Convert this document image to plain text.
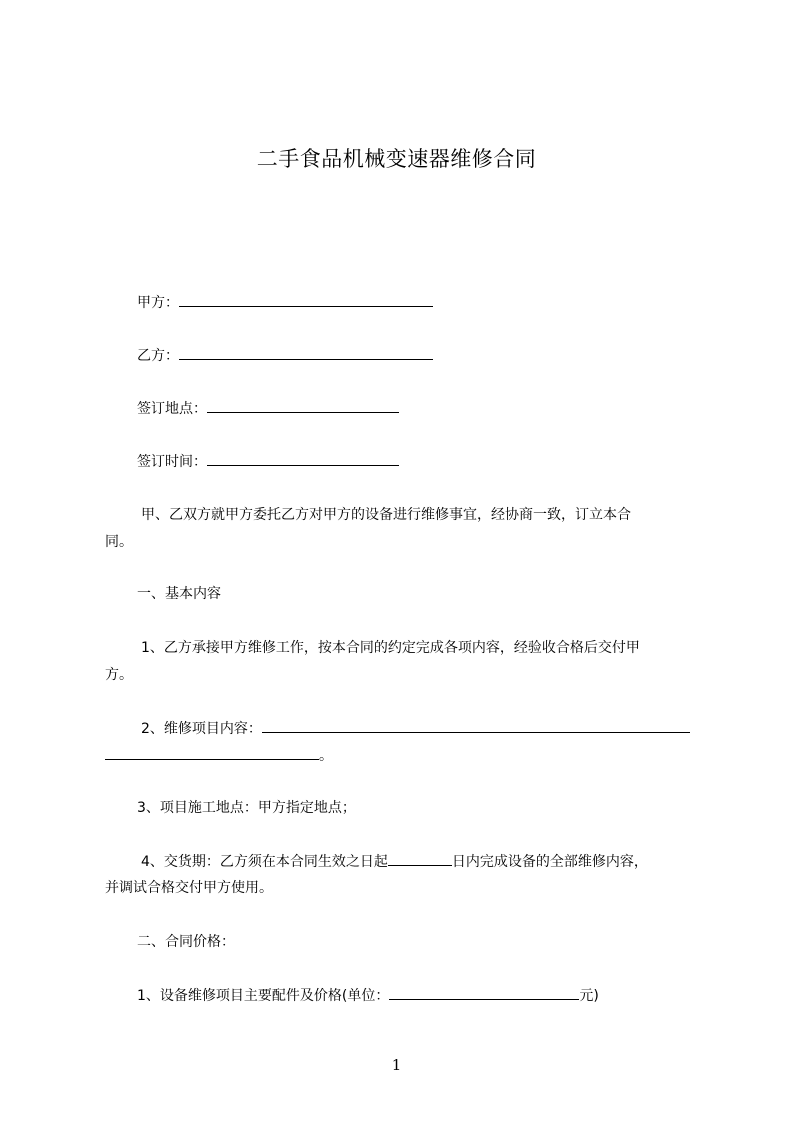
二手食品机械变速器维修合同
甲方：
乙方：
签订地点：
签订时间：
甲、乙双方就甲方委托乙方对甲方的设备进行维修事宜，经协商一致，订立本合
同。
一、基本内容
1、乙方承接甲方维修工作，按本合同的约定完成各项内容，经验收合格后交付甲
方。
2、维修项目内容：
。
3、项目施工地点：甲方指定地点；
4、交货期：乙方须在本合同生效之日起	日内完成设备的全部维修内容，
并调试合格交付甲方使用。
二、合同价格：
1、设备维修项目主要配件及价格(单位：	元)
1
